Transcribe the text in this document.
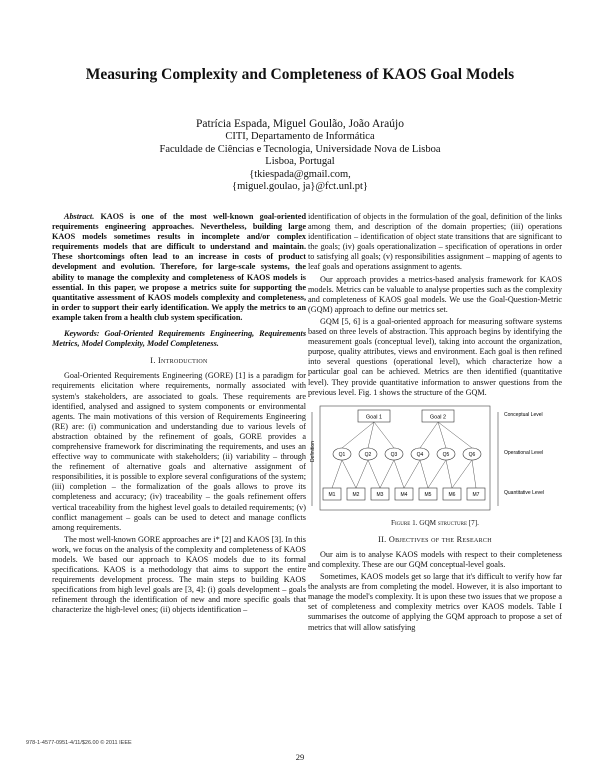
Measuring Complexity and Completeness of KAOS Goal Models
Patrícia Espada, Miguel Goulão, João Araújo
CITI, Departamento de Informática
Faculdade de Ciências e Tecnologia, Universidade Nova de Lisboa
Lisboa, Portugal
{tkiespada@gmail.com,
{miguel.goulao, ja}@fct.unl.pt}

Abstract. KAOS is one of the most well-known goal-oriented requirements engineering approaches. Nevertheless, building large KAOS models sometimes results in incomplete and/or complex requirements models that are difficult to understand and maintain. These shortcomings often lead to an increase in costs of product development and evolution. Therefore, for large-scale systems, the ability to manage the complexity and completeness of KAOS models is essential. In this paper, we propose a metrics suite for supporting the quantitative assessment of KAOS models complexity and completeness, in order to support their early identification. We apply the metrics to an example taken from a health club system specification.

Keywords: Goal-Oriented Requirements Engineering, Requirements Metrics, Model Complexity, Model Completeness.

I. Introduction

Goal-Oriented Requirements Engineering (GORE) [1] is a paradigm for requirements elicitation where requirements, normally associated with system's stakeholders, are associated to goals. These requirements are identified, analysed and assigned to system components or environmental agents. The main motivations of this version of Requirements Engineering (RE) are: (i) communication and understanding due to various levels of abstraction obtained by the refinement of goals, GORE provides a comprehensive framework for discriminating the requirements, and uses an effective way to communicate with stakeholders; (ii) variability – through the refinement of alternative goals and alternative assignment of responsibilities, it is possible to explore several configurations of the system; (iii) completion – the formalization of the goals allows to prove its completeness and accuracy; (iv) traceability – the goals refinement offers vertical traceability from the highest level goals to detailed requirements; (v) conflict management – goals can be used to detect and manage conflicts among requirements.

The most well-known GORE approaches are i* [2] and KAOS [3]. In this work, we focus on the analysis of the complexity and completeness of KAOS models. We based our approach to KAOS models due to its formal specifications. KAOS is a methodology that aims to support the entire requirements development process. The main steps to building KAOS specifications from high level goals are [3, 4]: (i) goals development – goals refinement through the identification of new and more specific goals that characterize the high-level ones; (ii) objects identification –

identification of objects in the formulation of the goal, definition of the links among them, and description of the domain properties; (iii) operations identification – identification of object state transitions that are significant to the goals; (iv) goals operationalization – specification of operations in order to satisfying all goals; (v) responsibilities assignment – mapping of agents to leaf goals and operations assignment to agents.

Our approach provides a metrics-based analysis framework for KAOS models. Metrics can be valuable to analyse properties such as the complexity and completeness of KAOS goal models. We use the Goal-Question-Metric (GQM) approach to define our metrics set.

GQM [5, 6] is a goal-oriented approach for measuring software systems based on three levels of abstraction. This approach begins by identifying the measurement goals (conceptual level), taking into account the organization, purpose, quality attributes, views and environment. Each goal is then refined into several questions (operational level), which characterize how a particular goal can be achieved. Metrics are then identified (quantitative level). They provide quantitative information to answer questions from the previous level. Fig. 1 shows the structure of the GQM.

Definition
Goal 1	Goal 2
Q1	Q2	Q3	Q4	Q5	Q6
M1	M2	M3	M4	M5	M6	M7
Conceptual Level
Operational Level
Quantitative Level
Figure 1. GQM structure [7].
II. Objectives of the Research

Our aim is to analyse KAOS models with respect to their completeness and complexity. These are our GQM conceptual-level goals.

Sometimes, KAOS models get so large that it's difficult to verify how far the analysts are from completing the model. However, it is also important to manage the model's complexity. It is upon these two issues that we propose a set of completeness and complexity metrics over KAOS models. Table I summarises the outcome of applying the GQM approach to propose a set of metrics that will allow satisfying

978-1-4577-0951-4/11/$26.00 © 2011 IEEE
29
